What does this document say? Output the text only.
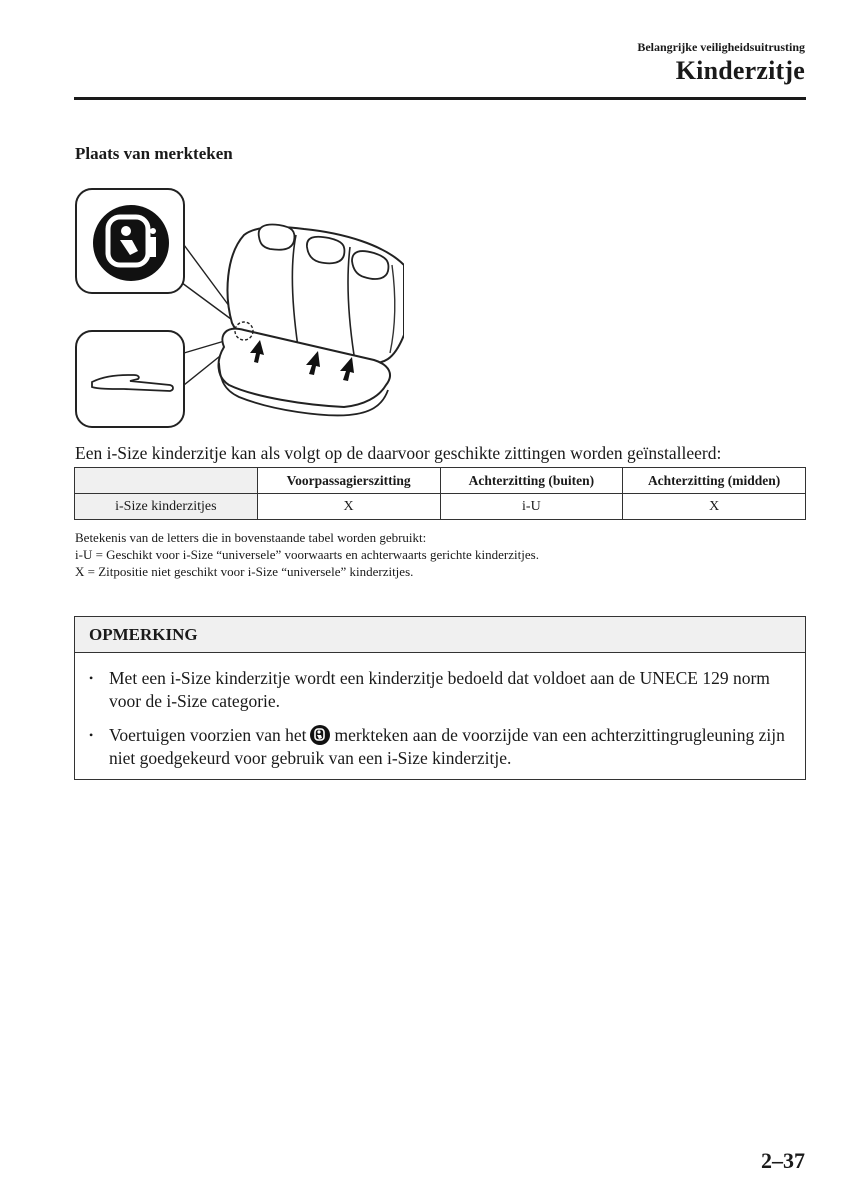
Belangrijke veiligheidsuitrusting
Kinderzitje
Plaats van merkteken
Een i-Size kinderzitje kan als volgt op de daarvoor geschikte zittingen worden geïnstalleerd:
	Voorpassagierszitting	Achterzitting (buiten)	Achterzitting (midden)
i-Size kinderzitjes	X	i-U	X
Betekenis van de letters die in bovenstaande tabel worden gebruikt:
i-U = Geschikt voor i-Size “universele” voorwaarts en achterwaarts gerichte kinderzitjes.
X = Zitpositie niet geschikt voor i-Size “universele” kinderzitjes.
OPMERKING
• Met een i-Size kinderzitje wordt een kinderzitje bedoeld dat voldoet aan de UNECE 129 norm voor de i-Size categorie.
• Voertuigen voorzien van het merkteken aan de voorzijde van een achterzittingrugleuning zijn niet goedgekeurd voor gebruik van een i-Size kinderzitje.
2–37
